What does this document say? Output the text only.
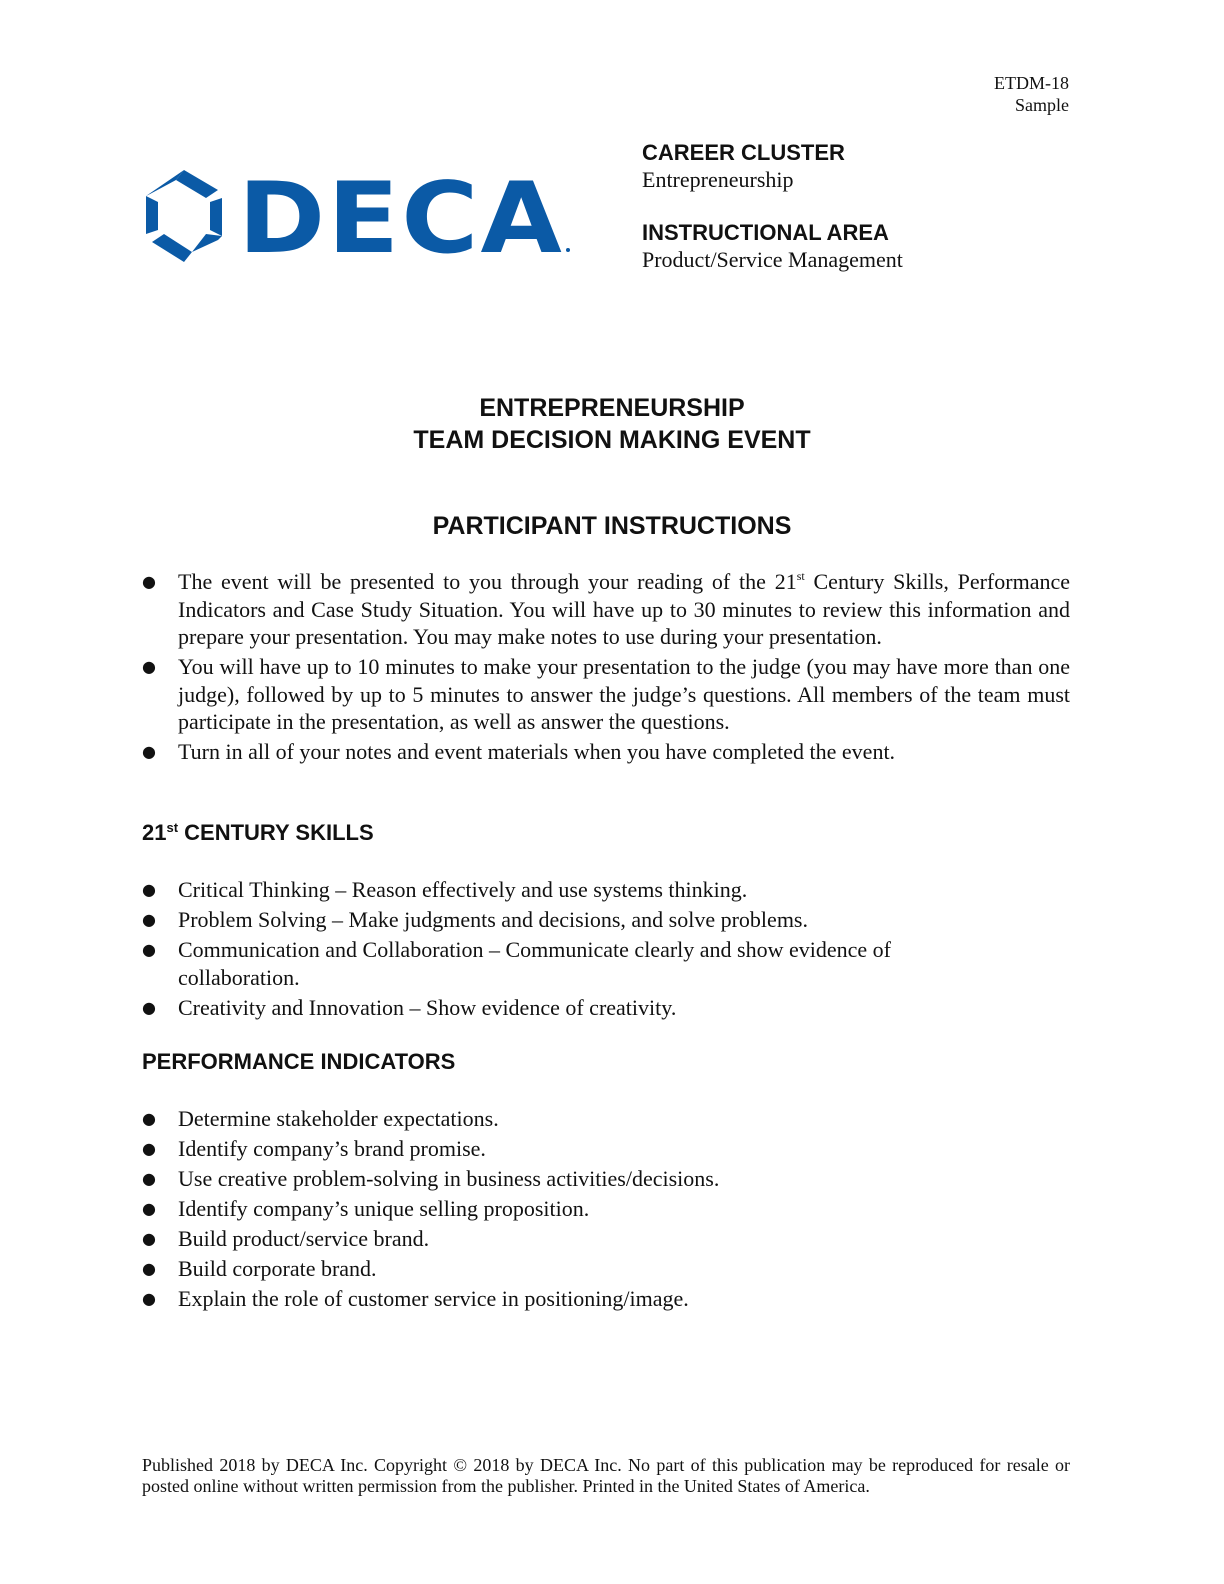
ETDM-18
Sample
DECA

CAREER CLUSTER

Entrepreneurship

INSTRUCTIONAL AREA

Product/Service Management

ENTREPRENEURSHIP
TEAM DECISION MAKING EVENT
PARTICIPANT INSTRUCTIONS
● The event will be presented to you through your reading of the 21st Century Skills, Performance Indicators and Case Study Situation. You will have up to 30 minutes to review this information and prepare your presentation. You may make notes to use during your presentation.
● You will have up to 10 minutes to make your presentation to the judge (you may have more than one judge), followed by up to 5 minutes to answer the judge’s questions. All members of the team must participate in the presentation, as well as answer the questions.
● Turn in all of your notes and event materials when you have completed the event.

21st CENTURY SKILLS

● Critical Thinking – Reason effectively and use systems thinking.
● Problem Solving – Make judgments and decisions, and solve problems.
● Communication and Collaboration – Communicate clearly and show evidence of collaboration.
● Creativity and Innovation – Show evidence of creativity.

PERFORMANCE INDICATORS

● Determine stakeholder expectations.
● Identify company’s brand promise.
● Use creative problem-solving in business activities/decisions.
● Identify company’s unique selling proposition.
● Build product/service brand.
● Build corporate brand.
● Explain the role of customer service in positioning/image.
Published 2018 by DECA Inc. Copyright © 2018 by DECA Inc. No part of this publication may be reproduced for resale or posted online without written permission from the publisher. Printed in the United States of America.
